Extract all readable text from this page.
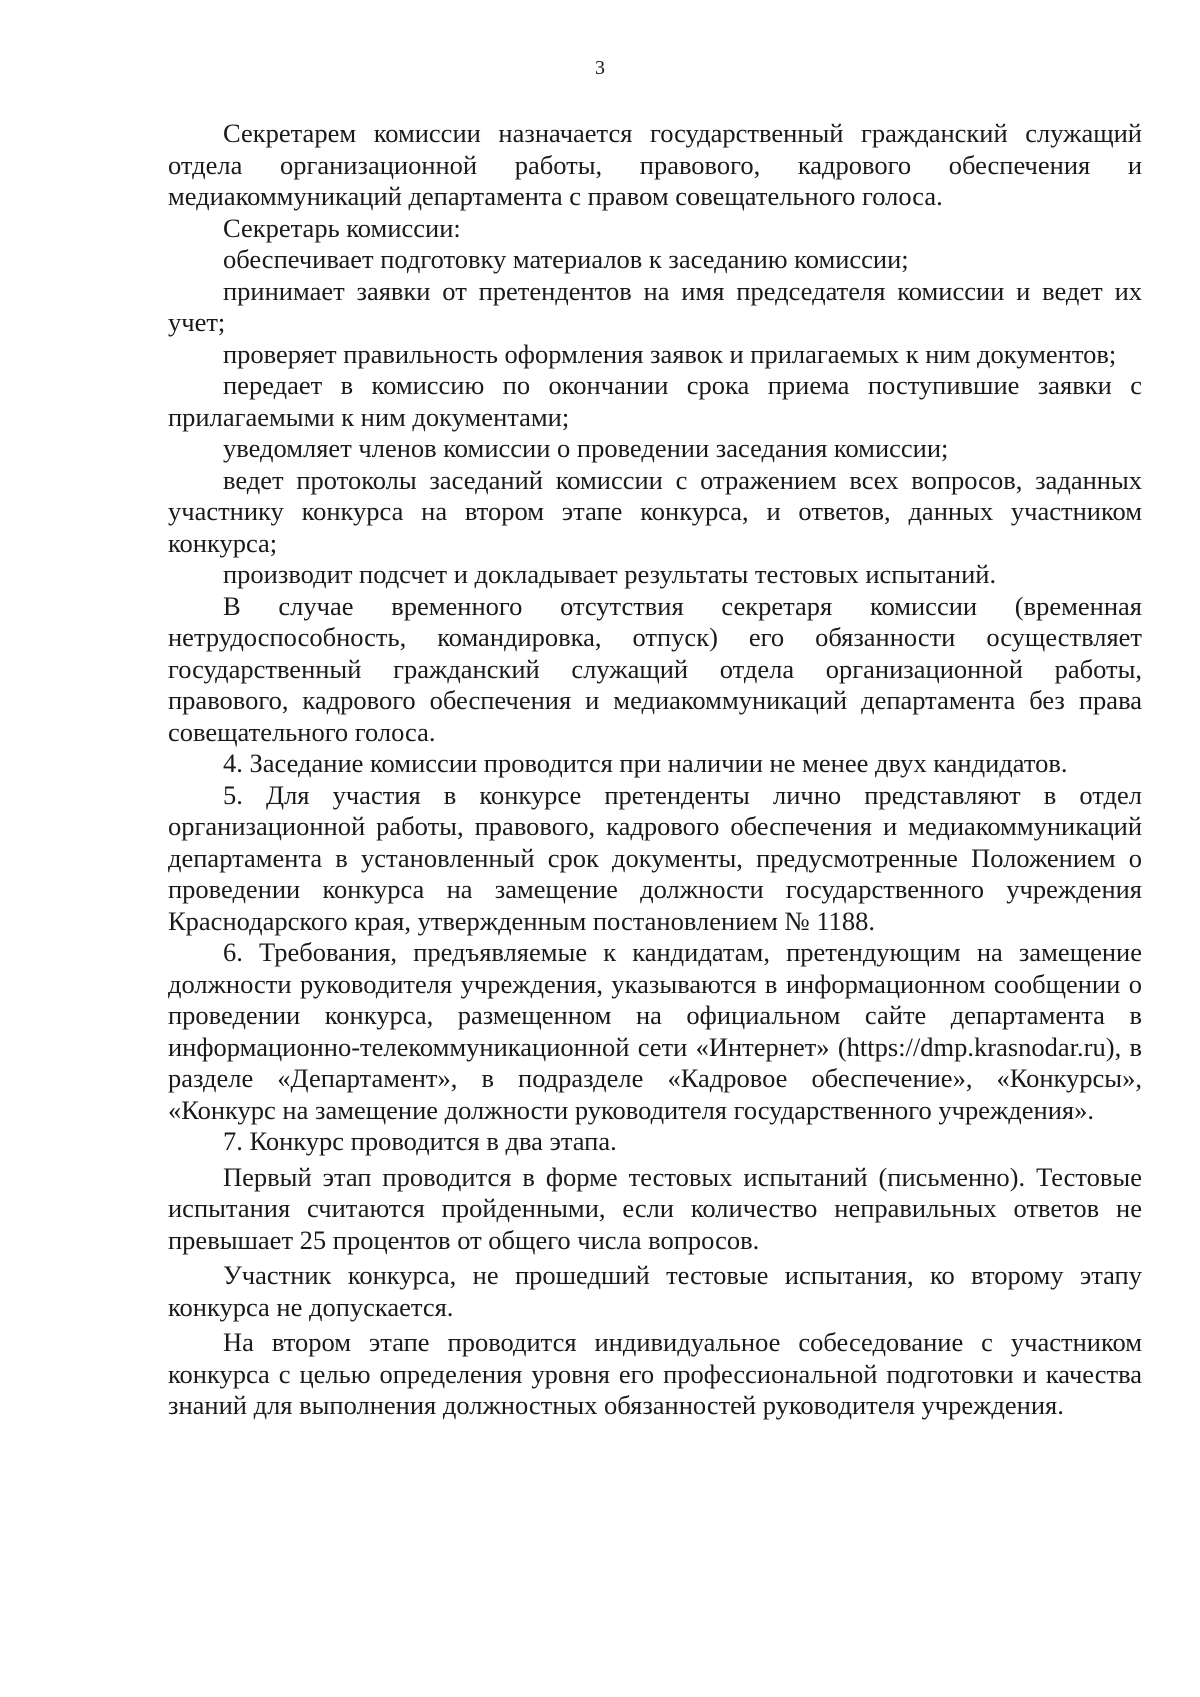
3

Секретарем комиссии назначается государственный гражданский служащий отдела организационной работы, правового, кадрового обеспечения и медиакоммуникаций департамента с правом совещательного голоса.

Секретарь комиссии:

обеспечивает подготовку материалов к заседанию комиссии;

принимает заявки от претендентов на имя председателя комиссии и ведет их учет;

проверяет правильность оформления заявок и прилагаемых к ним документов;

передает в комиссию по окончании срока приема поступившие заявки с прилагаемыми к ним документами;

уведомляет членов комиссии о проведении заседания комиссии;

ведет протоколы заседаний комиссии с отражением всех вопросов, заданных участнику конкурса на втором этапе конкурса, и ответов, данных участником конкурса;

производит подсчет и докладывает результаты тестовых испытаний.

В случае временного отсутствия секретаря комиссии (временная нетрудоспособность, командировка, отпуск) его обязанности осуществляет государственный гражданский служащий отдела организационной работы, правового, кадрового обеспечения и медиакоммуникаций департамента без права совещательного голоса.

4. Заседание комиссии проводится при наличии не менее двух кандидатов.

5. Для участия в конкурсе претенденты лично представляют в отдел организационной работы, правового, кадрового обеспечения и медиакоммуникаций департамента в установленный срок документы, предусмотренные Положением о проведении конкурса на замещение должности государственного учреждения Краснодарского края, утвержденным постановлением № 1188.

6. Требования, предъявляемые к кандидатам, претендующим на замещение должности руководителя учреждения, указываются в информационном сообщении о проведении конкурса, размещенном на официальном сайте департамента в информационно-телекоммуникационной сети «Интернет» (https://dmp.krasnodar.ru), в разделе «Департамент», в подразделе «Кадровое обеспечение», «Конкурсы», «Конкурс на замещение должности руководителя государственного учреждения».

7. Конкурс проводится в два этапа.

Первый этап проводится в форме тестовых испытаний (письменно). Тестовые испытания считаются пройденными, если количество неправильных ответов не превышает 25 процентов от общего числа вопросов.

Участник конкурса, не прошедший тестовые испытания, ко второму этапу конкурса не допускается.

На втором этапе проводится индивидуальное собеседование с участником конкурса с целью определения уровня его профессиональной подготовки и качества знаний для выполнения должностных обязанностей руководителя учреждения.
